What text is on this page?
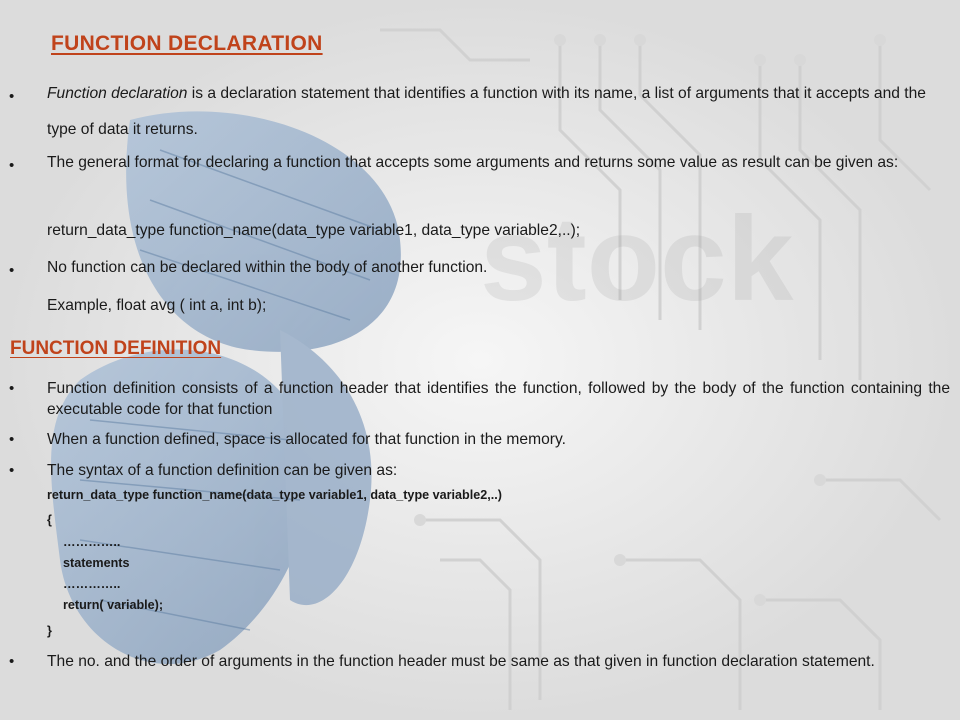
stock
FUNCTION DECLARATION
• Function declaration is a declaration statement that identifies a function with its name, a list of arguments that it accepts and the type of data it returns.
• The general format for declaring a function that accepts some arguments and returns some value as result can be given as:
return_data_type function_name(data_type variable1, data_type variable2,..);
• No function can be declared within the body of another function.
Example, float avg ( int a, int b);
FUNCTION DEFINITION
• Function definition consists of a function header that identifies the function, followed by the body of the function containing the executable code for that function
• When a function defined, space is allocated for that function in the memory.
• The syntax of a function definition can be given as:
return_data_type function_name(data_type variable1, data_type variable2,..)
{
…………..
statements
…………..
return( variable);
}
• The no. and the order of arguments in the function header must be same as that given in function declaration statement.
